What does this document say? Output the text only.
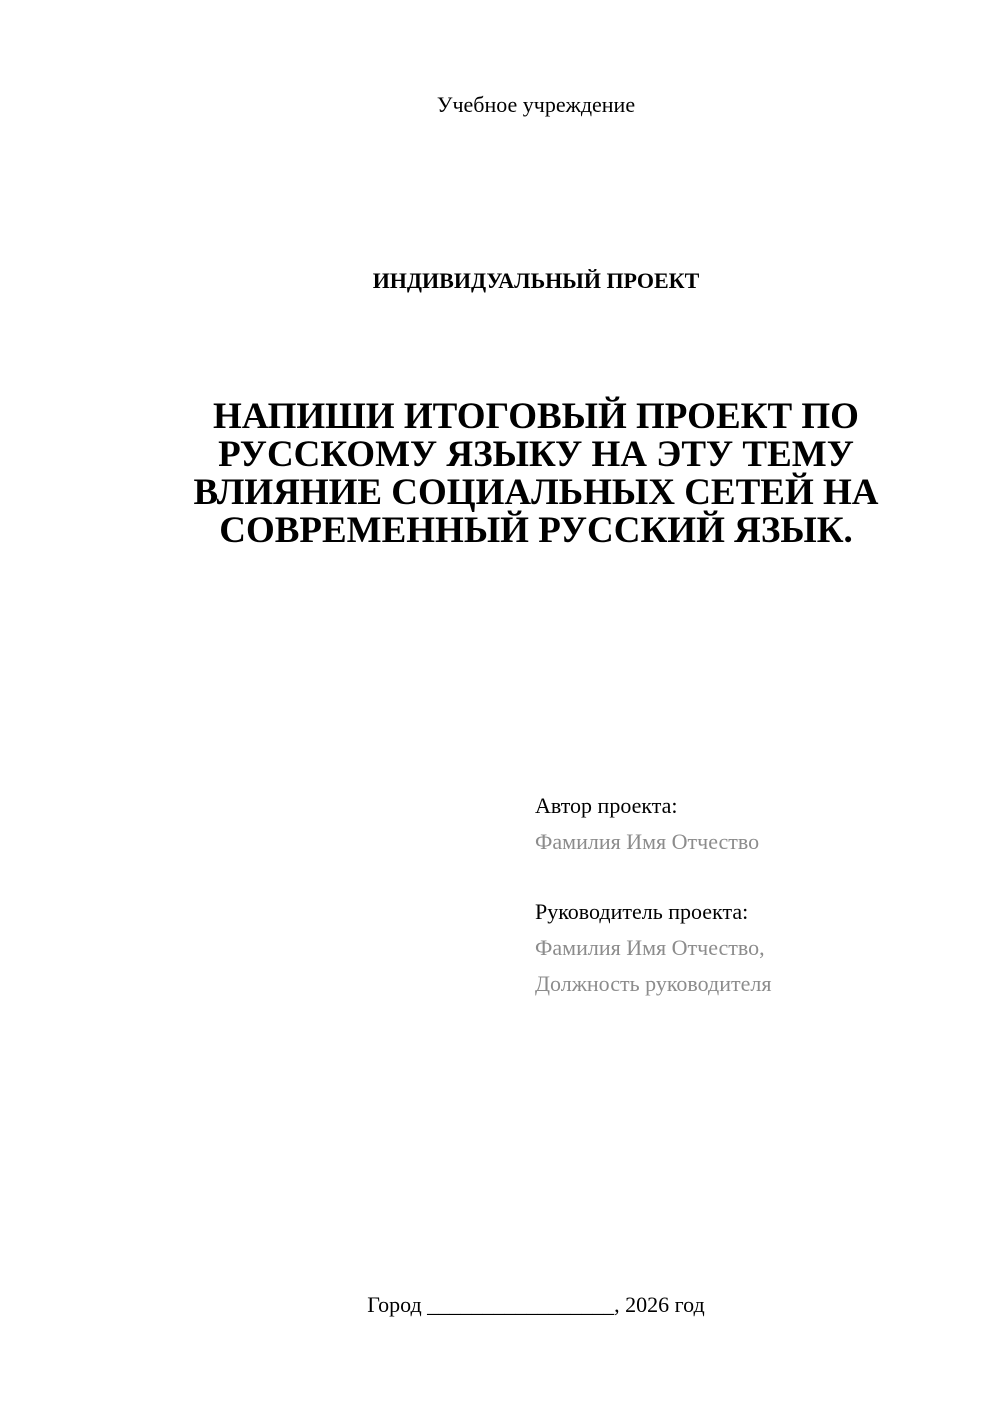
Учебное учреждение
ИНДИВИДУАЛЬНЫЙ ПРОЕКТ
НАПИШИ ИТОГОВЫЙ ПРОЕКТ ПО
РУССКОМУ ЯЗЫКУ НА ЭТУ ТЕМУ
ВЛИЯНИЕ СОЦИАЛЬНЫХ СЕТЕЙ НА
СОВРЕМЕННЫЙ РУССКИЙ ЯЗЫК.
Автор проекта:
Фамилия Имя Отчество
Руководитель проекта:
Фамилия Имя Отчество,
Должность руководителя
Город _________________, 2026 год
